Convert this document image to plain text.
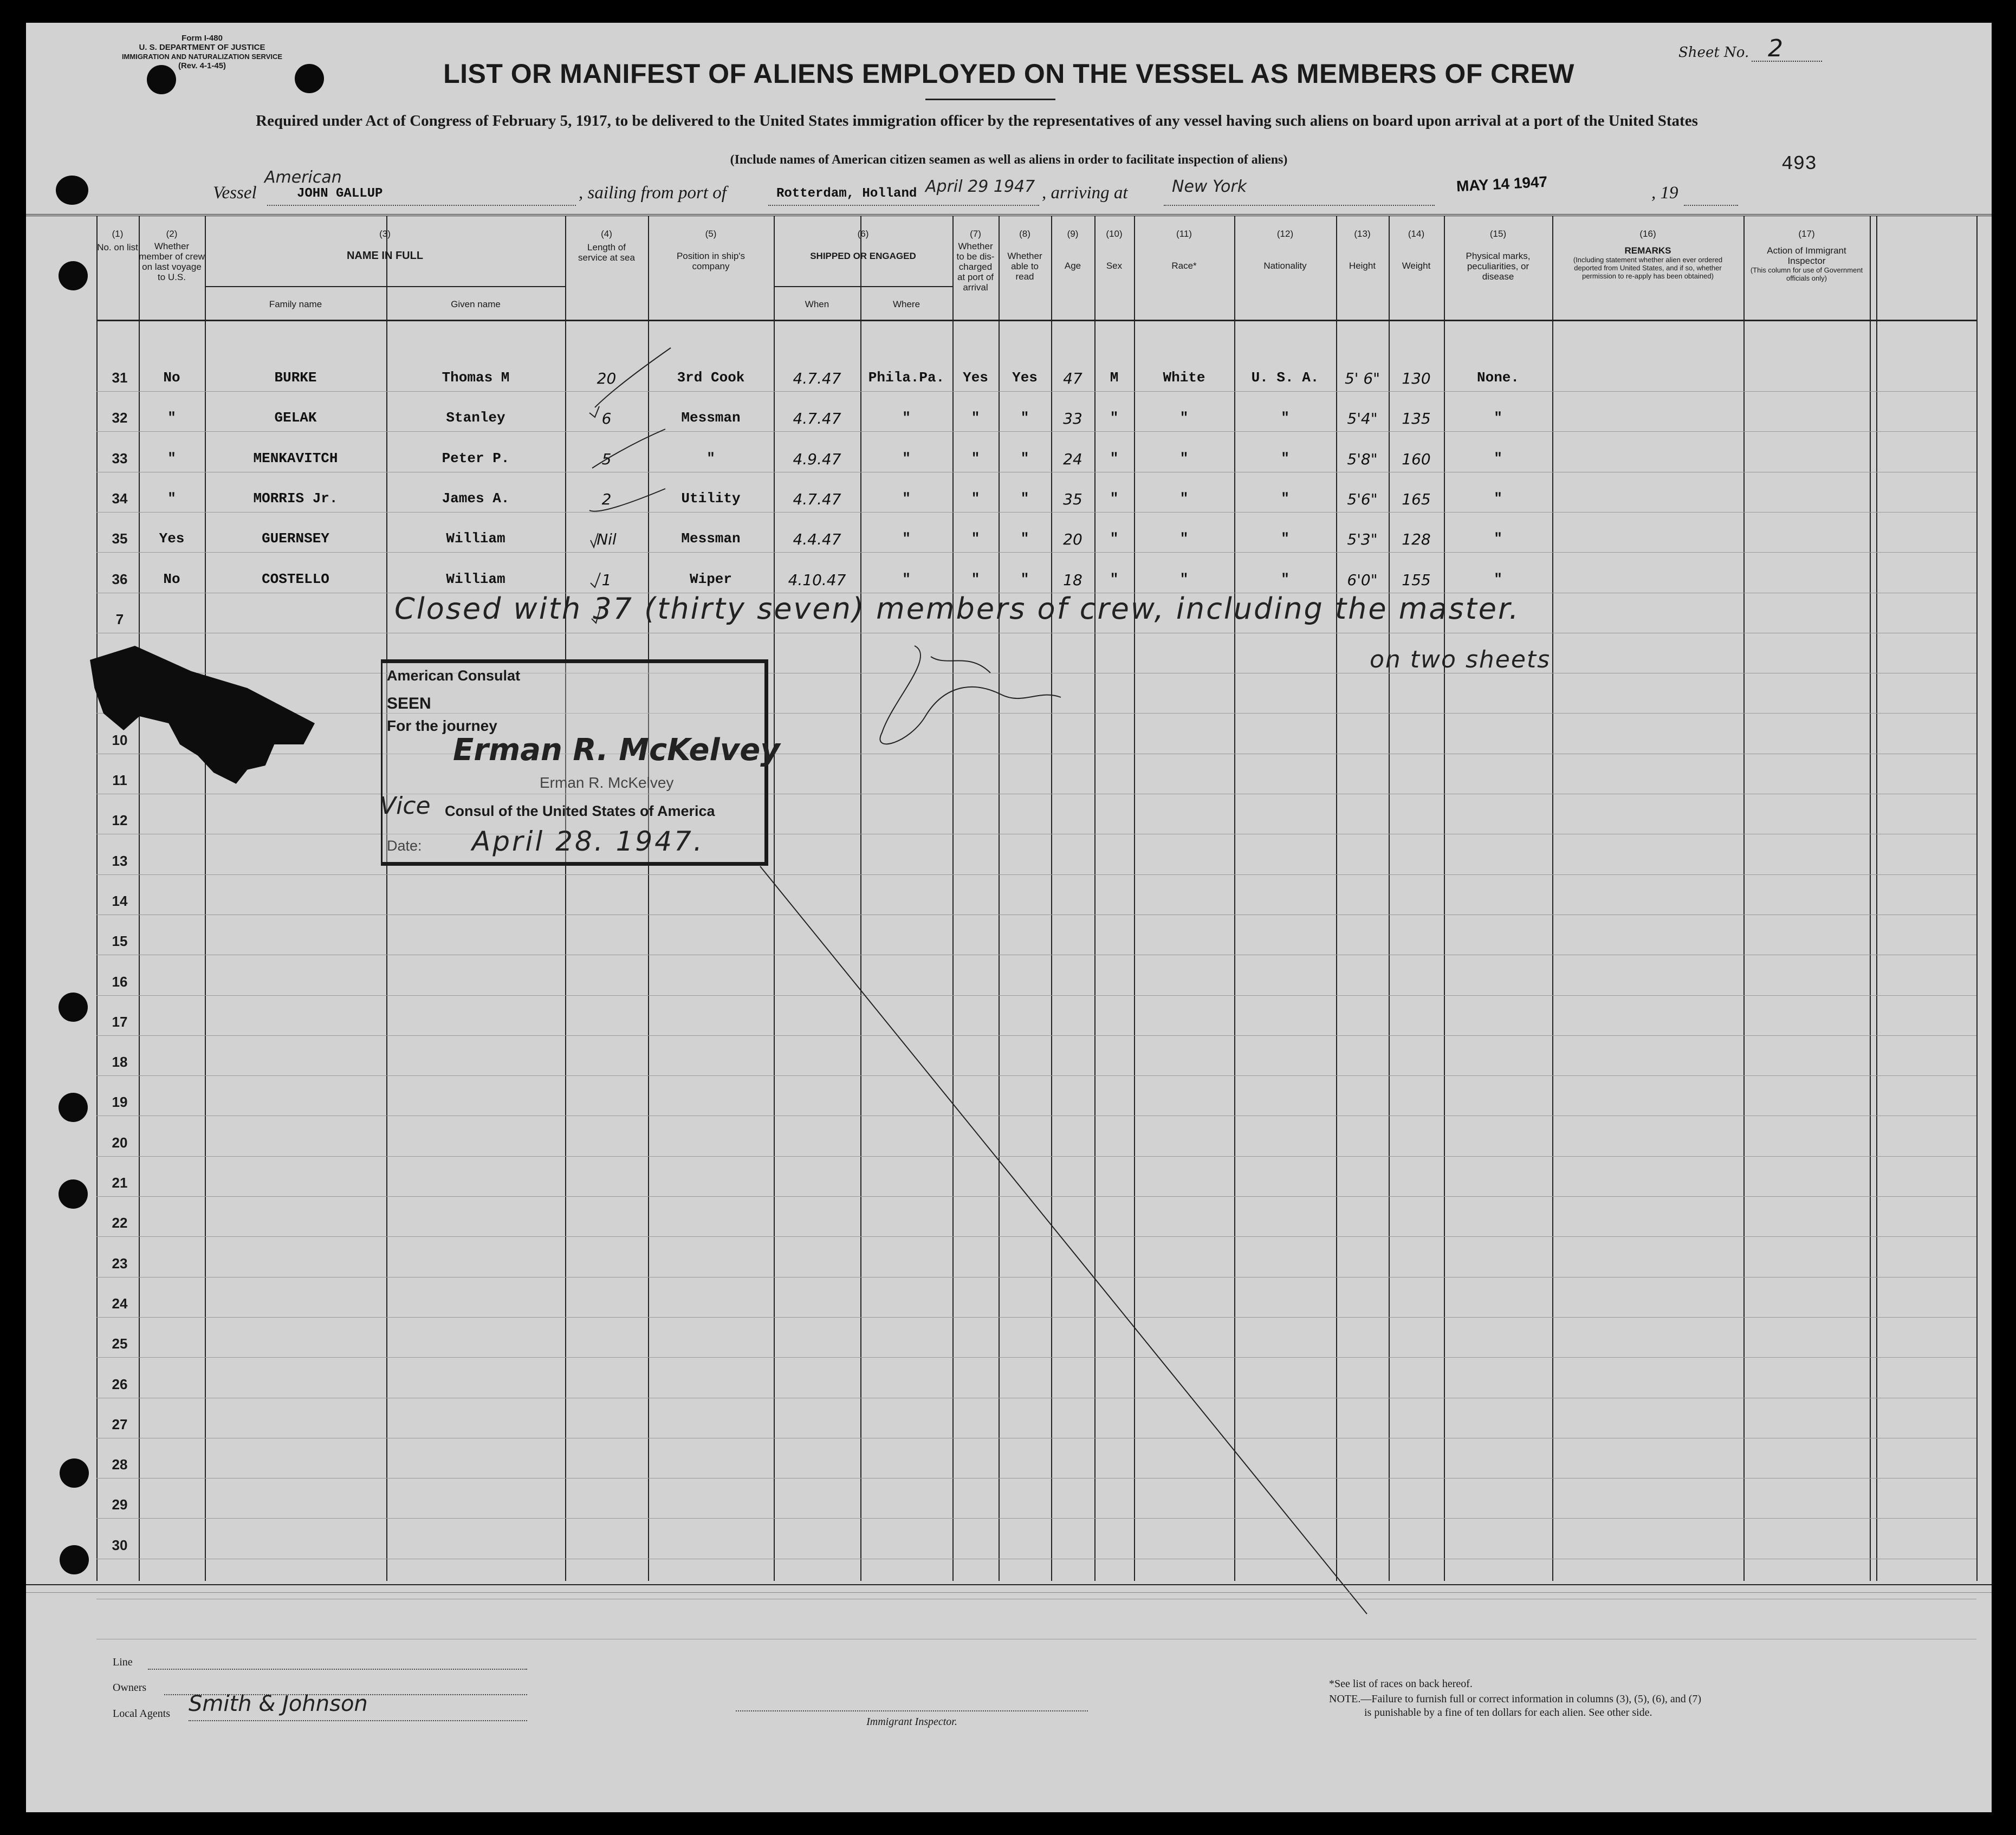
Form I-480
U. S. DEPARTMENT OF JUSTICE
IMMIGRATION AND NATURALIZATION SERVICE
(Rev. 4-1-45)
Sheet No. 2
LIST OR MANIFEST OF ALIENS EMPLOYED ON THE VESSEL AS MEMBERS OF CREW
Required under Act of Congress of February 5, 1917, to be delivered to the United States immigration officer by the representatives of any vessel having such aliens on board upon arrival at a port of the United States
(Include names of American citizen seamen as well as aliens in order to facilitate inspection of aliens)	493
Vessel
American
JOHN GALLUP	, sailing from port of	Rotterdam, Holland April 29 1947 , arriving at	New York	MAY 14 1947	, 19
(1)
No. on list
(2)
Whether member of crew on last voyage to U.S.
(3)
NAME IN FULL
Family name	Given name
(4)
Length of service at sea
(5)
Position in ship's company
(6)
SHIPPED OR ENGAGED
When	Where
(7)
Whether to be dis-charged at port of arrival
(8)
Whether able to read
(9)
Age
(10)
Sex
(11)
Race*
(12)
Nationality
(13)
Height
(14)
Weight
(15)
Physical marks, peculiarities, or disease
(16)
REMARKS
(Including statement whether alien ever ordered deported from United States, and if so, whether permission to re-apply has been obtained)
(17)
Action of Immigrant Inspector
(This column for use of Government officials only)
31	No	BURKE	Thomas M	20	3rd Cook	4.7.47	Phila.Pa.	Yes	Yes	47	M	White	U. S. A.	5' 6"	130	None.
32	"	GELAK	Stanley	6	Messman	4.7.47	"	"	"	33	"	"	"	5'4"	135	"
33	"	MENKAVITCH	Peter P.	5	"	4.9.47	"	"	"	24	"	"	"	5'8"	160	"
34	"	MORRIS Jr.	James A.	2	Utility	4.7.47	"	"	"	35	"	"	"	5'6"	165	"
35	Yes	GUERNSEY	William	Nil	Messman	4.4.47	"	"	"	20	"	"	"	5'3"	128	"
36	No	COSTELLO	William	1	Wiper	4.10.47	"	"	"	18	"	"	"	6'0"	155	"
7
10
11
12
13
14
15
16
17
18
19
20
21
22
23
24
25
26
27
28
29
30
Closed with 37 (thirty seven) members of crew, including the master.
on two sheets
American Consulat
SEEN
For the journey
Erman R. McKelvey
Erman R. McKelvey
Vice Consul of the United States of America
Date: April 28. 1947.
Line
Owners
Local Agents Smith & Johnson
Immigrant Inspector.
*See list of races on back hereof.
NOTE.—Failure to furnish full or correct information in columns (3), (5), (6), and (7)
is punishable by a fine of ten dollars for each alien. See other side.
